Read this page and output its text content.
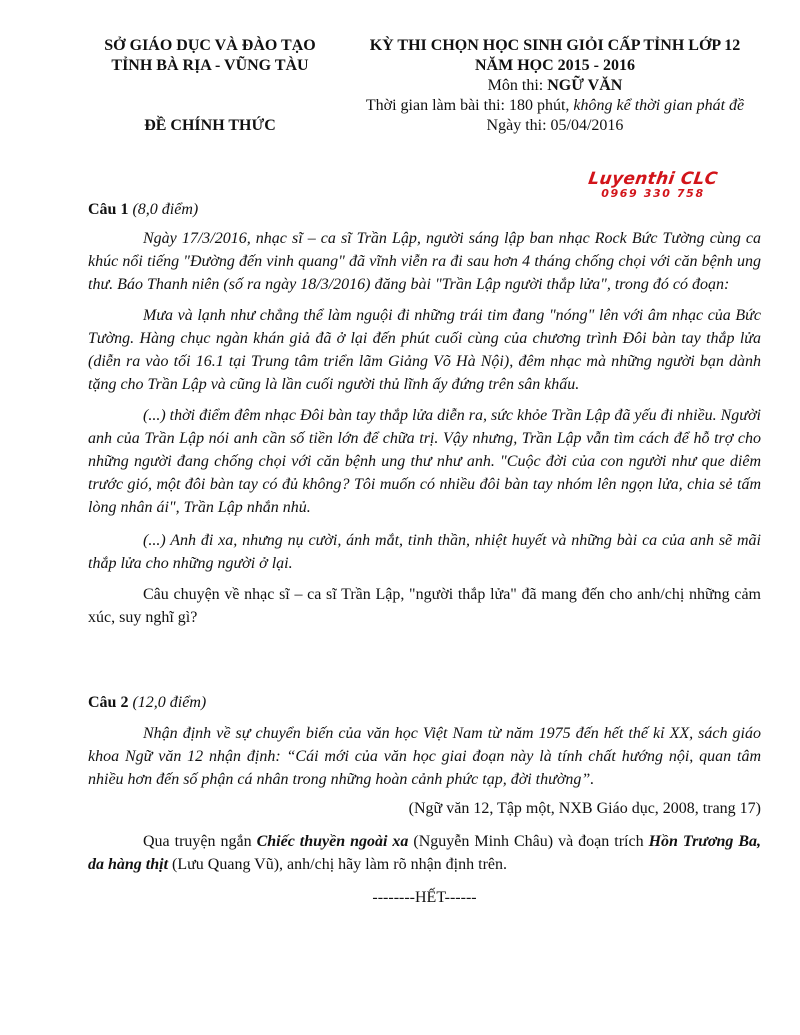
SỞ GIÁO DỤC VÀ ĐÀO TẠO
TỈNH BÀ RỊA - VŨNG TÀU
ĐỀ CHÍNH THỨC
KỲ THI CHỌN HỌC SINH GIỎI CẤP TỈNH LỚP 12
NĂM HỌC 2015 - 2016
Môn thi: NGỮ VĂN
Thời gian làm bài thi: 180 phút, không kể thời gian phát đề
Ngày thi: 05/04/2016
Luyenthi CLC
0969 330 758

Câu 1 (8,0 điểm)

Ngày 17/3/2016, nhạc sĩ – ca sĩ Trần Lập, người sáng lập ban nhạc Rock Bức Tường cùng ca khúc nổi tiếng "Đường đến vinh quang" đã vĩnh viễn ra đi sau hơn 4 tháng chống chọi với căn bệnh ung thư. Báo Thanh niên (số ra ngày 18/3/2016) đăng bài "Trần Lập người thắp lửa", trong đó có đoạn:

Mưa và lạnh như chẳng thể làm nguội đi những trái tim đang "nóng" lên với âm nhạc của Bức Tường. Hàng chục ngàn khán giả đã ở lại đến phút cuối cùng của chương trình Đôi bàn tay thắp lửa (diễn ra vào tối 16.1 tại Trung tâm triển lãm Giảng Võ Hà Nội), đêm nhạc mà những người bạn dành tặng cho Trần Lập và cũng là lần cuối người thủ lĩnh ấy đứng trên sân khấu.

(...) thời điểm đêm nhạc Đôi bàn tay thắp lửa diễn ra, sức khỏe Trần Lập đã yếu đi nhiều. Người anh của Trần Lập nói anh cần số tiền lớn để chữa trị. Vậy nhưng, Trần Lập vẫn tìm cách để hỗ trợ cho những người đang chống chọi với căn bệnh ung thư như anh. "Cuộc đời của con người như que diêm trước gió, một đôi bàn tay có đủ không? Tôi muốn có nhiều đôi bàn tay nhóm lên ngọn lửa, chia sẻ tấm lòng nhân ái", Trần Lập nhắn nhủ.

(...) Anh đi xa, nhưng nụ cười, ánh mắt, tinh thần, nhiệt huyết và những bài ca của anh sẽ mãi thắp lửa cho những người ở lại.

Câu chuyện về nhạc sĩ – ca sĩ Trần Lập, "người thắp lửa" đã mang đến cho anh/chị những cảm xúc, suy nghĩ gì?

Câu 2 (12,0 điểm)

Nhận định về sự chuyển biến của văn học Việt Nam từ năm 1975 đến hết thế kỉ XX, sách giáo khoa Ngữ văn 12 nhận định: “Cái mới của văn học giai đoạn này là tính chất hướng nội, quan tâm nhiều hơn đến số phận cá nhân trong những hoàn cảnh phức tạp, đời thường”.

(Ngữ văn 12, Tập một, NXB Giáo dục, 2008, trang 17)

Qua truyện ngắn Chiếc thuyền ngoài xa (Nguyễn Minh Châu) và đoạn trích Hồn Trương Ba, da hàng thịt (Lưu Quang Vũ), anh/chị hãy làm rõ nhận định trên.

--------HẾT------
